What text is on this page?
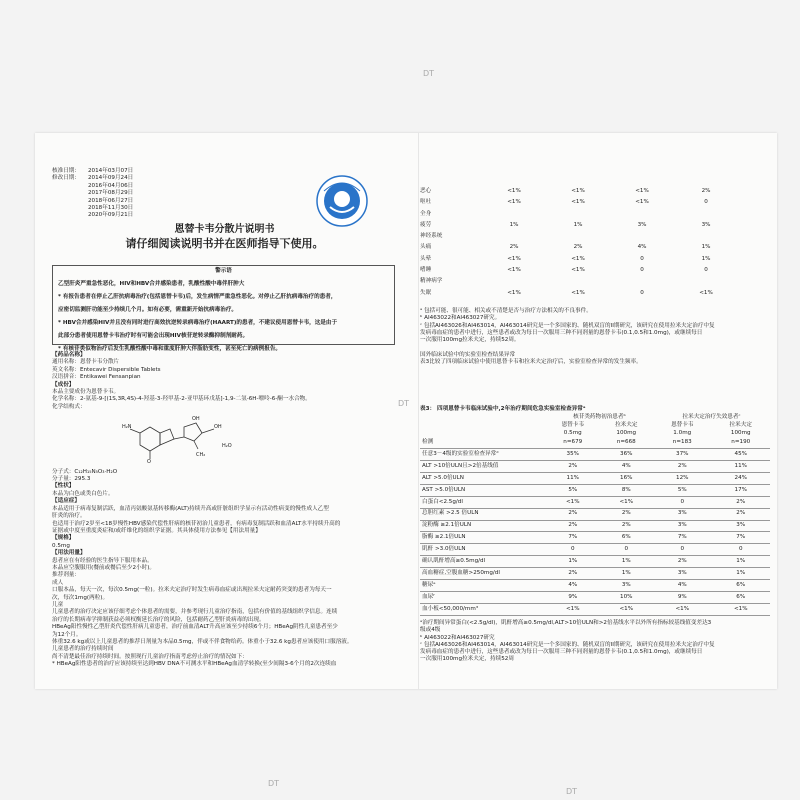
DT
DT
DT
DT
核准日期：	2014年03月07日
修改日期：	2014年09月24日
2016年04月06日
2017年08月29日
2018年06月27日
2018年11月30日
2020年09月21日
恩替卡韦分散片说明书
请仔细阅读说明书并在医师指导下使用。
警示语

乙型肝炎严重急性恶化，HIV和HBV合并感染患者，乳酸性酸中毒伴肝肿大

* 有报告患者在停止乙肝抗病毒治疗(包括恩替卡韦)后，发生病情严重急性恶化。对停止乙肝抗病毒治疗的患者，

应密切监测肝功能至少持续几个月。如有必要，需重新开始抗病毒治疗。

* HBV合并感染HIV并且没有同时进行高效抗逆转录病毒治疗(HAART)的患者，不建议使用恩替卡韦，这是由于

此部分患者使用恩替卡韦治疗时有可能会出现HIV核苷逆转录酶抑制剂耐药。

* 有核苷类似物治疗后发生乳酸性酸中毒和重度肝肿大伴脂肪变性，甚至死亡的病例报告。

【药品名称】

通用名称：恩替卡韦分散片

英文名称：Entecavir Dispersible Tablets

汉语拼音：Entikawei Fensanpian

【成份】

本品主要成份为恩替卡韦。

化学名称：2-氨基-9-[(1S,3R,4S)-4-羟基-3-羟甲基-2-亚甲基环戊基]-1,9-二氢-6H-嘌呤-6-酮一水合物。

化学结构式：

H₂N
OH
OH
CH₂
H₂O
O

分子式：C₁₂H₁₅N₅O₃·H₂O

分子量：295.3

【性状】

本品为白色或类白色片。

【适应症】

本品适用于病毒复制活跃，血清丙氨酸氨基转移酶(ALT)持续升高或肝脏组织学显示有活动性病变的慢性成人乙型

肝炎的治疗。

也适用于治疗2岁至<18岁慢性HBV感染代偿性肝病的核苷初治儿童患者，有病毒复制活跃和血清ALT水平持续升高的

证据或中度至重度炎症和/或纤维化的组织学证据。其具体使用方法参见【用法用量】

【规格】

0.5mg

【用法用量】

患者应在有经验的医生指导下服用本品。

本品应空腹服用(餐前或餐后至少2小时)。

推荐剂量：

成人

口服本品，每天一次，每次0.5mg(一粒)。拉米夫定治疗时发生病毒血症或出现拉米夫定耐药突变的患者为每天一

次，每次1mg(两粒)。

儿童

儿童患者的治疗决定应该仔细考虑个体患者的需要，并参考现行儿童治疗指南，包括有价值的基线组织学信息。连续

治疗的长期病毒学抑制获益必须权衡延长治疗的风险，包括耐药乙型肝炎病毒的出现。

HBeAg阳性慢性乙型肝炎代偿性肝病儿童患者，治疗前血清ALT升高应该至少持续6个月；HBeAg阴性儿童患者至少

为12个月。

体重32.6 kg或以上儿童患者的推荐日剂量为本品0.5mg，伴或不伴食物给药。体重小于32.6 kg患者应该使用口服溶液。

儿童患者的治疗持续时间

尚不清楚最佳治疗持续时间。按照现行儿童治疗指南考虑停止治疗的情况如下：

* HBeAg阳性患者的治疗应该持续至达到HBV DNA不可测水平和HBeAg血清学转换(至少间隔3-6个月的2次连续血

恶心	<1%	<1%	<1%	2%
呕吐	<1%	<1%	<1%	0
全身
疲劳	1%	1%	3%	3%
神经系统
头痛	2%	2%	4%	1%
头晕	<1%	<1%	0	1%
嗜睡	<1%	<1%	0	0
精神病学
失眠	<1%	<1%	0	<1%

ᵃ 包括可能、很可能、相关或不清楚是否与治疗方法相关的不良事件。

ᵇ AI463022和AI463027研究。

ᶜ 包括AI463026和AI463014，AI463014研究是一个多国家的、随机双盲的II期研究，该研究在使用拉米夫定治疗中复

发病毒血症的患者中进行，这些患者或改为每日一次服用三种不同剂量的恩替卡韦(0.1,0.5和1.0mg)，或继续每日

一次服用100mg拉米夫定，持续52周。

国外临床试验中的实验室检查结果异常

表3比较了四项临床试验中使用恩替卡韦和拉米夫定治疗后，实验室检查异常的发生频率。

表3： 四项恩替卡韦临床试验中,2年治疗期间危急实验室检查异常ᵃ
	核苷类药物初治患者ᵇ		拉米夫定治疗失效患者ᶜ	
	恩替卡韦	拉米夫定	恩替卡韦	拉米夫定
	0.5mg	100mg	1.0mg	100mg
检测	n=679	n=668	n=183	n=190
任意3－4级的实验室检查异常ᵈ	35%	36%	37%	45%
ALT >10倍ULN且>2倍基线值	2%	4%	2%	11%
ALT >5.0倍ULN	11%	16%	12%	24%
AST >5.0倍ULN	5%	8%	5%	17%
白蛋白<2.5g/dl	<1%	<1%	0	2%
总胆红素 >2.5 倍ULN	2%	2%	3%	2%
淀粉酶 ≥2.1倍ULN	2%	2%	3%	3%
脂酶 ≥2.1倍ULN	7%	6%	7%	7%
肌酐 >3.0倍ULN	0	0	0	0
确认肌酐增高≥0.5mg/dl	1%	1%	2%	1%
高血糖症,空腹血糖>250mg/dl	2%	1%	3%	1%
糖尿ᵉ	4%	3%	4%	6%
血尿ᶠ	9%	10%	9%	6%
血小板<50,000/mm³	<1%	<1%	<1%	<1%

ᵃ治疗期间异常蛋白(<2.5g/dl)，肌酐增高≥0.5mg/dl,ALT>10倍ULN和>2倍基线水平以外所有指标较基线值变差达3

级或4级

ᵇ AI463022和AI463027研究

ᶜ 包括AI463026和AI463014，AI463014研究是一个多国家的、随机双盲的II期研究，该研究在使用拉米夫定治疗中复

发病毒血症的患者中进行，这些患者或改为每日一次服用三种不同剂量的恩替卡韦(0.1,0.5和1.0mg)，或继续每日

一次服用100mg拉米夫定，持续52周
